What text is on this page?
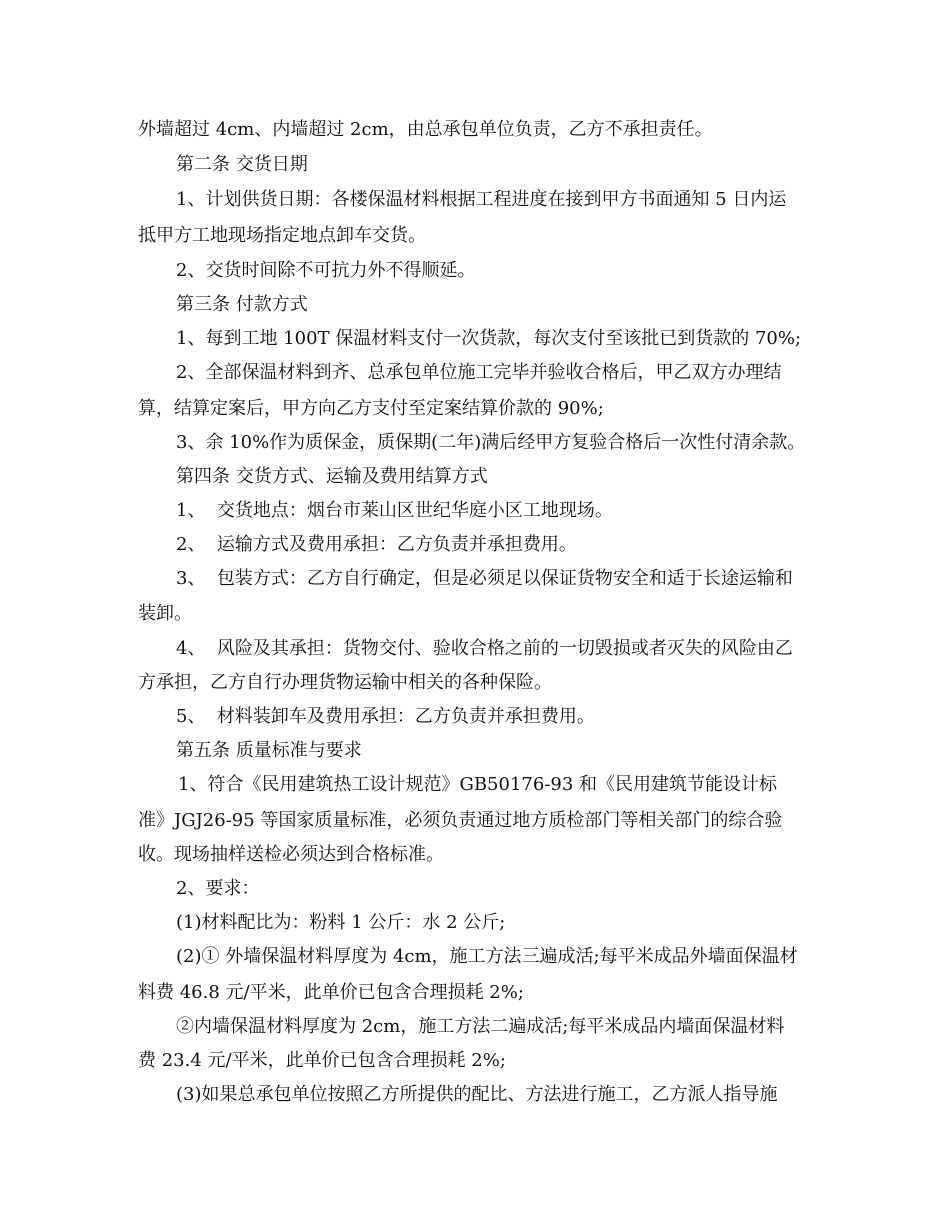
外墙超过 4cm、内墙超过 2cm，由总承包单位负责，乙方不承担责任。
第二条 交货日期
1、计划供货日期：各楼保温材料根据工程进度在接到甲方书面通知 5 日内运
抵甲方工地现场指定地点卸车交货。
2、交货时间除不可抗力外不得顺延。
第三条 付款方式
1、每到工地 100T 保温材料支付一次货款，每次支付至该批已到货款的 70%;
2、全部保温材料到齐、总承包单位施工完毕并验收合格后，甲乙双方办理结
算，结算定案后，甲方向乙方支付至定案结算价款的 90%;
3、余 10%作为质保金，质保期(二年)满后经甲方复验合格后一次性付清余款。
第四条 交货方式、运输及费用结算方式
1、  交货地点：烟台市莱山区世纪华庭小区工地现场。
2、  运输方式及费用承担：乙方负责并承担费用。
3、  包装方式：乙方自行确定，但是必须足以保证货物安全和适于长途运输和
装卸。
4、  风险及其承担：货物交付、验收合格之前的一切毁损或者灭失的风险由乙
方承担，乙方自行办理货物运输中相关的各种保险。
5、  材料装卸车及费用承担：乙方负责并承担费用。
第五条 质量标准与要求
1、符合《民用建筑热工设计规范》GB50176-93 和《民用建筑节能设计标
准》JGJ26-95 等国家质量标准，必须负责通过地方质检部门等相关部门的综合验
收。现场抽样送检必须达到合格标准。
2、要求：
(1)材料配比为：粉料 1 公斤：水 2 公斤;
(2)① 外墙保温材料厚度为 4cm，施工方法三遍成活;每平米成品外墙面保温材
料费 46.8 元/平米，此单价已包含合理损耗 2%;
②内墙保温材料厚度为 2cm，施工方法二遍成活;每平米成品内墙面保温材料
费 23.4 元/平米，此单价已包含合理损耗 2%;
(3)如果总承包单位按照乙方所提供的配比、方法进行施工，乙方派人指导施
